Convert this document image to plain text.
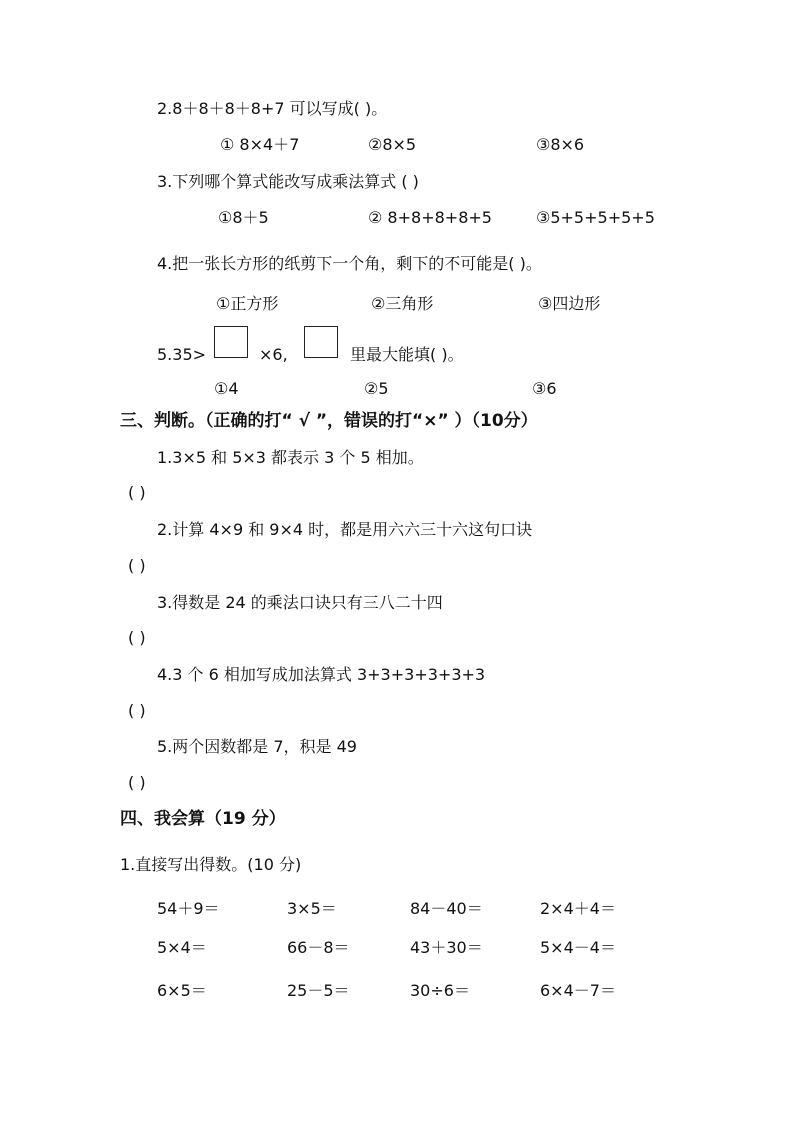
2.8＋8＋8＋8+7 可以写成( )。
① 8×4＋7	②8×5	③8×6
3.下列哪个算式能改写成乘法算式 ( )
①8＋5	② 8+8+8+8+5	③5+5+5+5+5
4.把一张长方形的纸剪下一个角，剩下的不可能是( )。
①正方形	②三角形	③四边形
5.35>	×6,	里最大能填( )。
①4	②5	③6
三、判断。（正确的打“ √ ”，错误的打“×” ）（10分）
1.3×5 和 5×3 都表示 3 个 5 相加。
( )
2.计算 4×9 和 9×4 时，都是用六六三十六这句口诀
( )
3.得数是 24 的乘法口诀只有三八二十四
( )
4.3 个 6 相加写成加法算式 3+3+3+3+3+3
( )
5.两个因数都是 7，积是 49
( )
四、我会算（19 分）
1.直接写出得数。(10 分)
54＋9＝	3×5＝	84－40＝	2×4＋4＝
5×4＝	66－8＝	43＋30＝	5×4－4＝
6×5＝	25－5＝	30÷6＝	6×4－7＝
